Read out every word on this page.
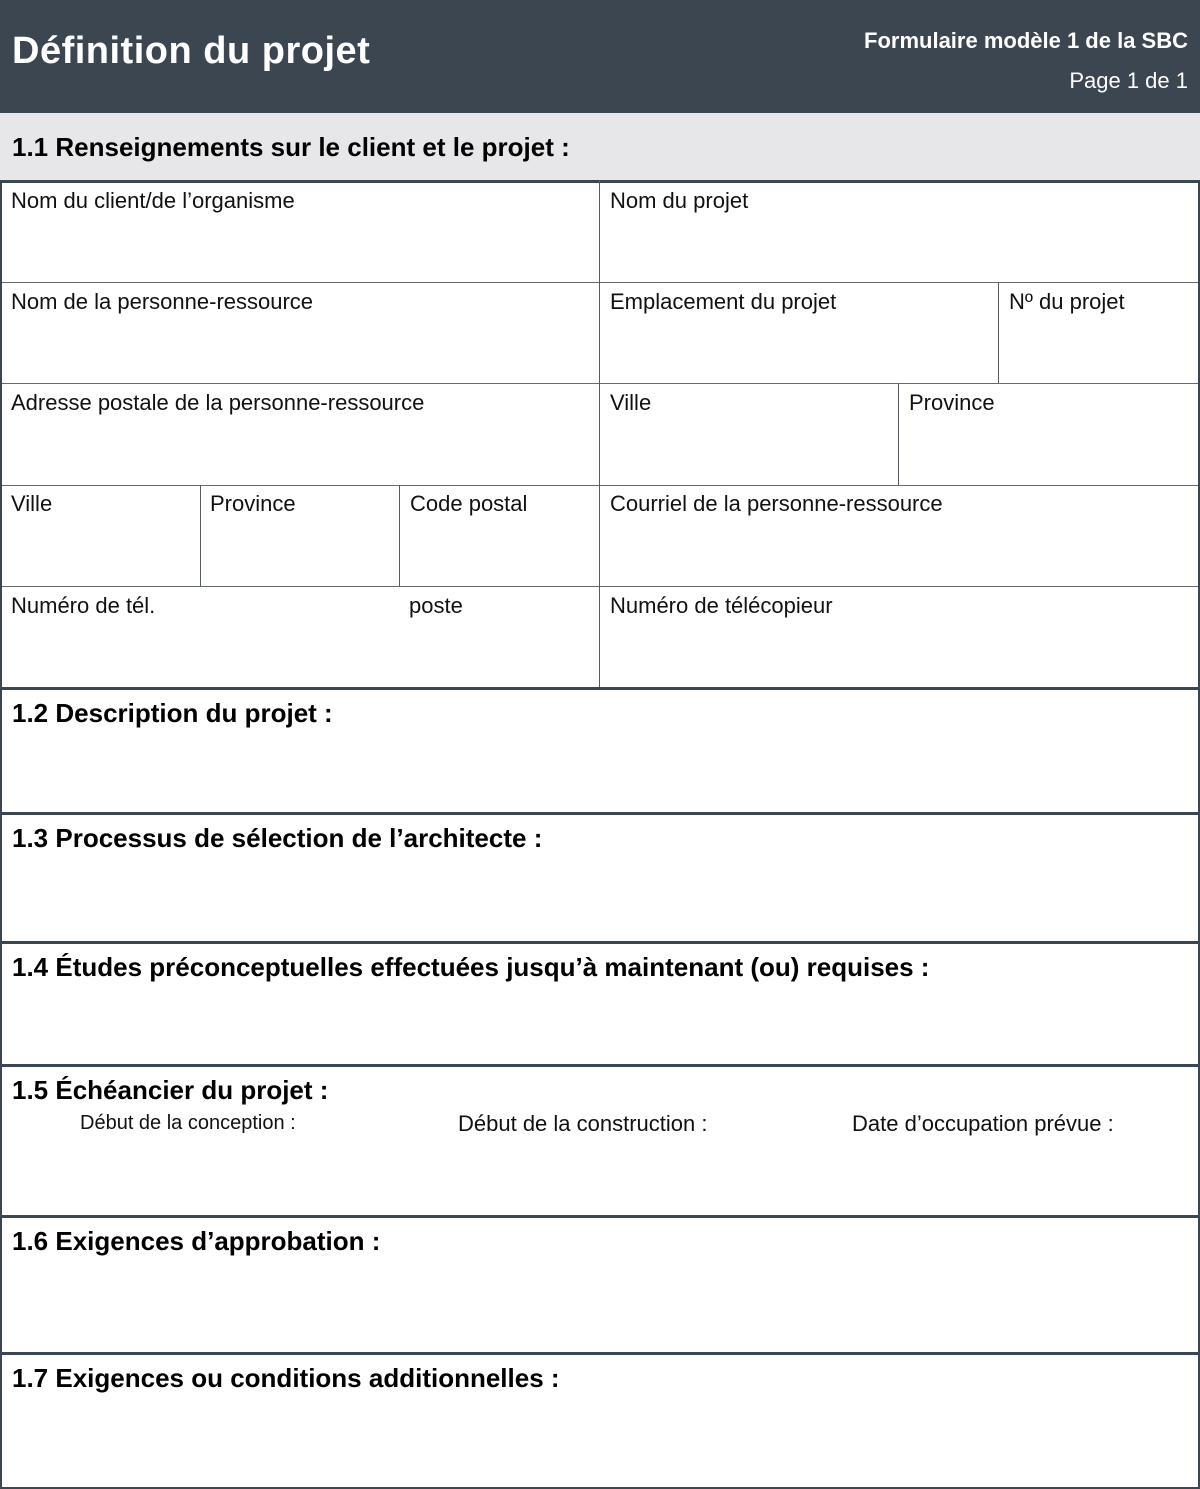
Définition du projet	Formulaire modèle 1 de la SBC
Page 1 de 1
1.1 Renseignements sur le client et le projet :
Nom du client/de l’organisme	Nom du projet
Nom de la personne-ressource	Emplacement du projet	Nº du projet
Adresse postale de la personne-ressource	Ville	Province
Ville	Province	Code postal	Courriel de la personne-ressource
Numéro de tél.	poste	Numéro de télécopieur
1.2 Description du projet :
1.3 Processus de sélection de l’architecte :
1.4 Études préconceptuelles effectuées jusqu’à maintenant (ou) requises :
1.5 Échéancier du projet :
Début de la conception :	Début de la construction :	Date d’occupation prévue :
1.6 Exigences d’approbation :
1.7 Exigences ou conditions additionnelles :
